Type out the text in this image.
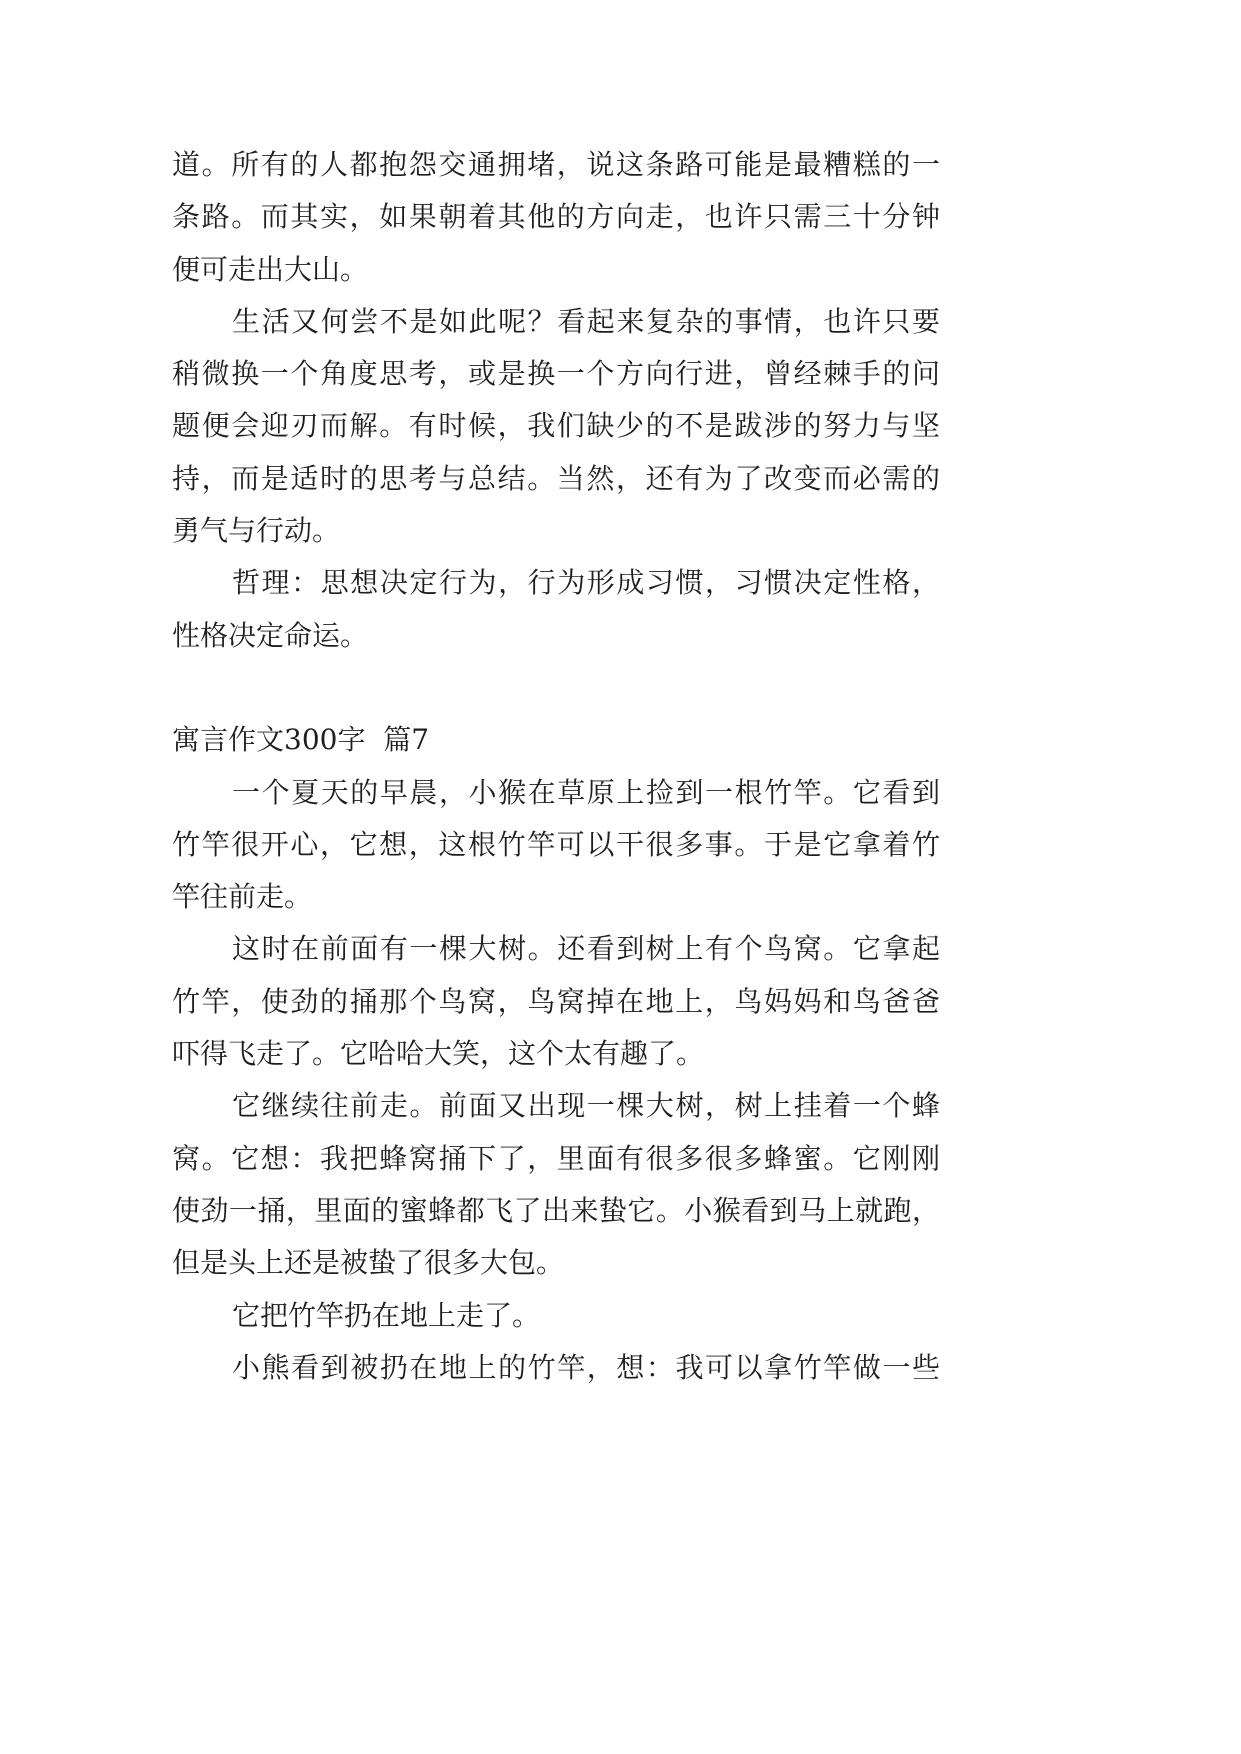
道。所有的人都抱怨交通拥堵，说这条路可能是最糟糕的一
条路。而其实，如果朝着其他的方向走，也许只需三十分钟
便可走出大山。
生活又何尝不是如此呢？看起来复杂的事情，也许只要
稍微换一个角度思考，或是换一个方向行进，曾经棘手的问
题便会迎刃而解。有时候，我们缺少的不是跋涉的努力与坚
持，而是适时的思考与总结。当然，还有为了改变而必需的
勇气与行动。
哲理：思想决定行为，行为形成习惯，习惯决定性格，
性格决定命运。
寓言作文300字  篇7
一个夏天的早晨，小猴在草原上捡到一根竹竿。它看到
竹竿很开心，它想，这根竹竿可以干很多事。于是它拿着竹
竿往前走。
这时在前面有一棵大树。还看到树上有个鸟窝。它拿起
竹竿，使劲的捅那个鸟窝，鸟窝掉在地上，鸟妈妈和鸟爸爸
吓得飞走了。它哈哈大笑，这个太有趣了。
它继续往前走。前面又出现一棵大树，树上挂着一个蜂
窝。它想：我把蜂窝捅下了，里面有很多很多蜂蜜。它刚刚
使劲一捅，里面的蜜蜂都飞了出来蛰它。小猴看到马上就跑，
但是头上还是被蛰了很多大包。
它把竹竿扔在地上走了。
小熊看到被扔在地上的竹竿，想：我可以拿竹竿做一些
